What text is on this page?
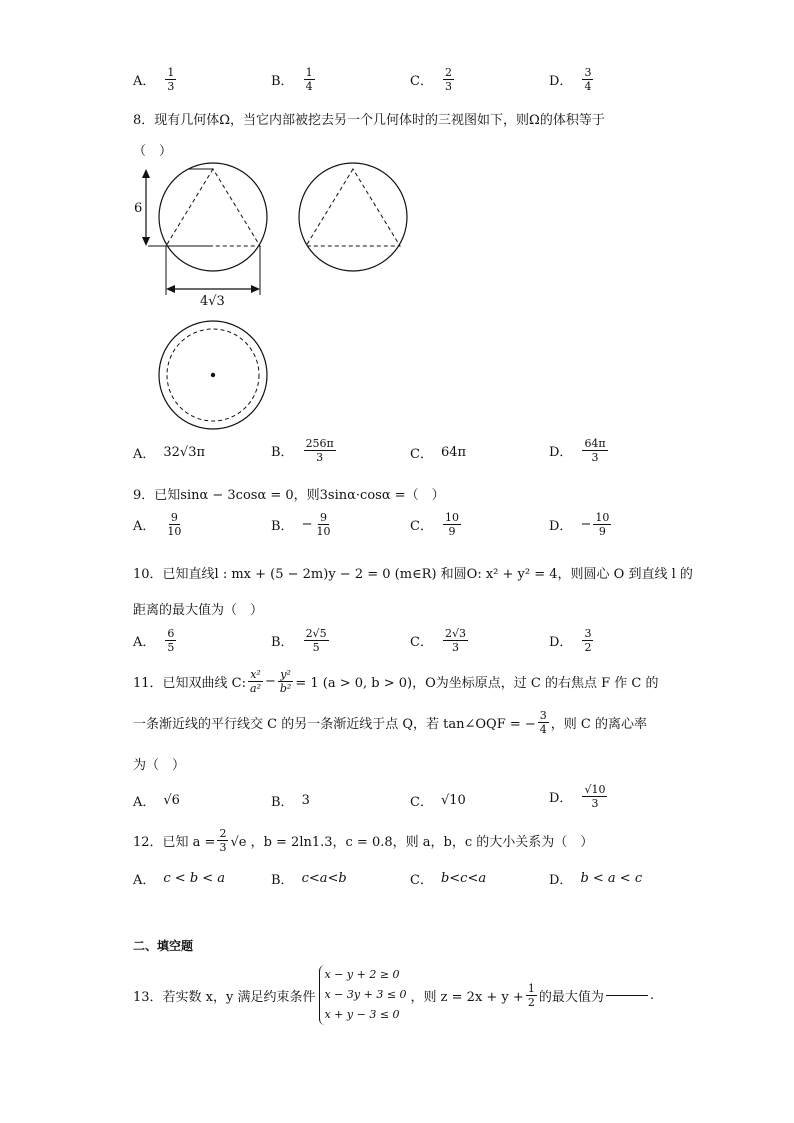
A． $\frac{1}{3}$	B． $\frac{1}{4}$	C． $\frac{2}{3}$	D． $\frac{3}{4}$
8．现有几何体Ω，当它内部被挖去另一个几何体时的三视图如下，则Ω的体积等于
（　）
6
4√3
A． 32√3π	B． $\frac{256\pi}{3}$	C． 64π	D． $\frac{64\pi}{3}$
9．已知sinα − 3cosα = 0，则3sinα·cosα =（　）
A． $\frac{9}{10}$	B． − $\frac{9}{10}$	C． $\frac{10}{9}$	D． − $\frac{10}{9}$
10．已知直线l : mx + (5 − 2m)y − 2 = 0 (m∈R) 和圆O: x² + y² = 4，则圆心 O 到直线 l 的
距离的最大值为（　）
A． $\frac{6}{5}$	B． $\frac{2√5}{5}$	C． $\frac{2√3}{3}$	D． $\frac{3}{2}$
11．已知双曲线 C: $\frac{\text{x²}}{\text{a²}} - \frac{\text{y²}}{\text{b²}} = 1$ (a > 0, b > 0)，O为坐标原点，过 C 的右焦点 F 作 C 的
一条渐近线的平行线交 C 的另一条渐近线于点 Q，若 tan∠OQF = − $\frac{3}{4}$ ，则 C 的离心率
为（　）
A． √6	B． 3	C． √10	D． $\frac{√10}{3}$
12．已知 $a = \frac{2}{3} √e$ ，b = 2ln1.3，c = 0.8，则 a，b，c 的大小关系为（　）
A． c < b < a	B． c<a<b	C． b<c<a	D． b < a < c
二、填空题
13．若实数 x，y 满足约束条件
x − y + 2 ≥ 0
x − 3y + 3 ≤ 0
x + y − 3 ≤ 0
，则 $z = 2x + y + \frac{1}{2}$ 的最大值为	.
